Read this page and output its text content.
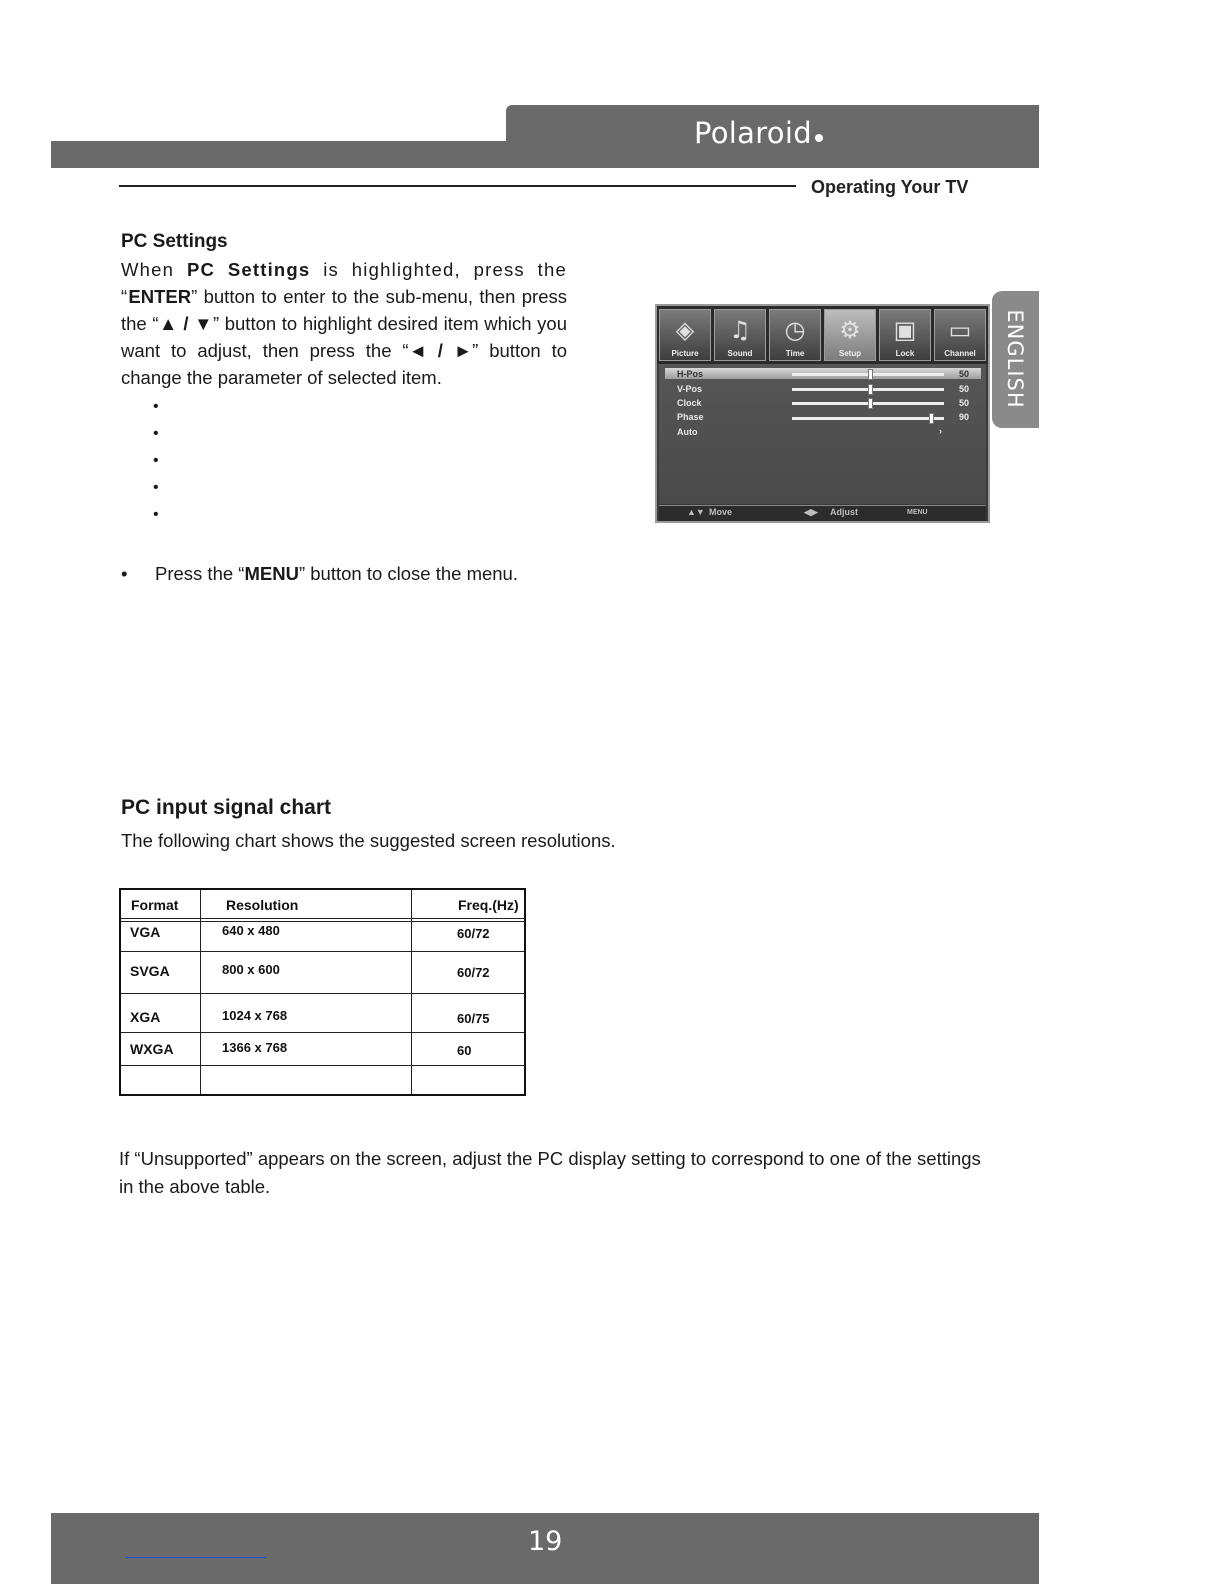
Polaroid
Operating Your TV
ENGLISH
PC Settings
When PC Settings is highlighted, press the “ENTER” button to enter to the sub-menu, then press the “▲ / ▼” button to highlight desired item which you want to adjust, then press the “◄ / ►” button to change the parameter of selected item.
•
•
•
•
•
• Press the “MENU” button to close the menu.
◈
Picture
♫
Sound
◷
Time
⚙
Setup
▣
Lock
▭
Channel
H-Pos	50
V-Pos	50
Clock	50
Phase	90
Auto	›
▲▼ Move	◀▶ Adjust	MENU
PC input signal chart
The following chart shows the suggested screen resolutions.
Format	Resolution	Freq.(Hz)
VGA	640 x 480	60/72
SVGA	800 x 600	60/72
XGA	1024 x 768	60/75
WXGA	1366 x 768	60
If “Unsupported” appears on the screen, adjust the PC display setting to correspond to one of the settings in the above table.
19
